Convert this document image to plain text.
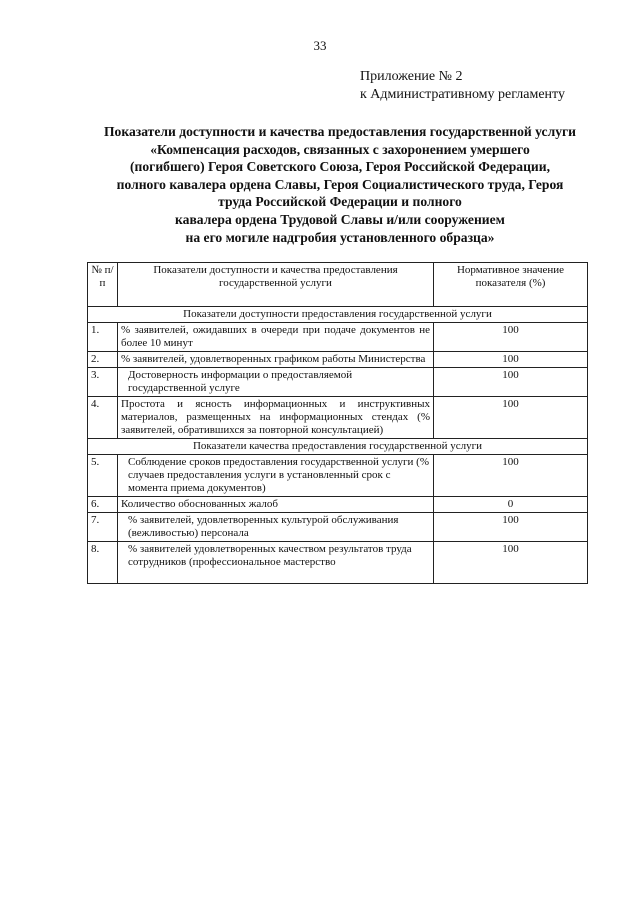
33
Приложение № 2
к Административному регламенту
Показатели доступности и качества предоставления государственной услуги
«Компенсация расходов, связанных с захоронением умершего
(погибшего) Героя Советского Союза, Героя Российской Федерации,
полного кавалера ордена Славы, Героя Социалистического труда, Героя
труда Российской Федерации и полного
кавалера ордена Трудовой Славы и/или сооружением
на его могиле надгробия установленного образца»
№ п/п	Показатели доступности и качества предоставления государственной услуги	Нормативное значение показателя (%)
Показатели доступности предоставления государственной услуги		
1.	% заявителей, ожидавших в очереди при подаче документов не более 10 минут	100
2.	% заявителей, удовлетворенных графиком работы Министерства	100
3.	Достоверность информации о предоставляемой государственной услуге	100
4.	Простота и ясность информационных и инструктивных материалов, размещенных на информационных стендах (% заявителей, обратившихся за повторной консультацией)	100
Показатели качества предоставления государственной услуги		
5.	Соблюдение сроков предоставления государственной услуги (% случаев предоставления услуги в установленный срок с момента приема документов)	100
6.	Количество обоснованных жалоб	0
7.	% заявителей, удовлетворенных культурой обслуживания (вежливостью) персонала	100
8.	% заявителей удовлетворенных качеством результатов труда сотрудников (профессиональное мастерство	100
